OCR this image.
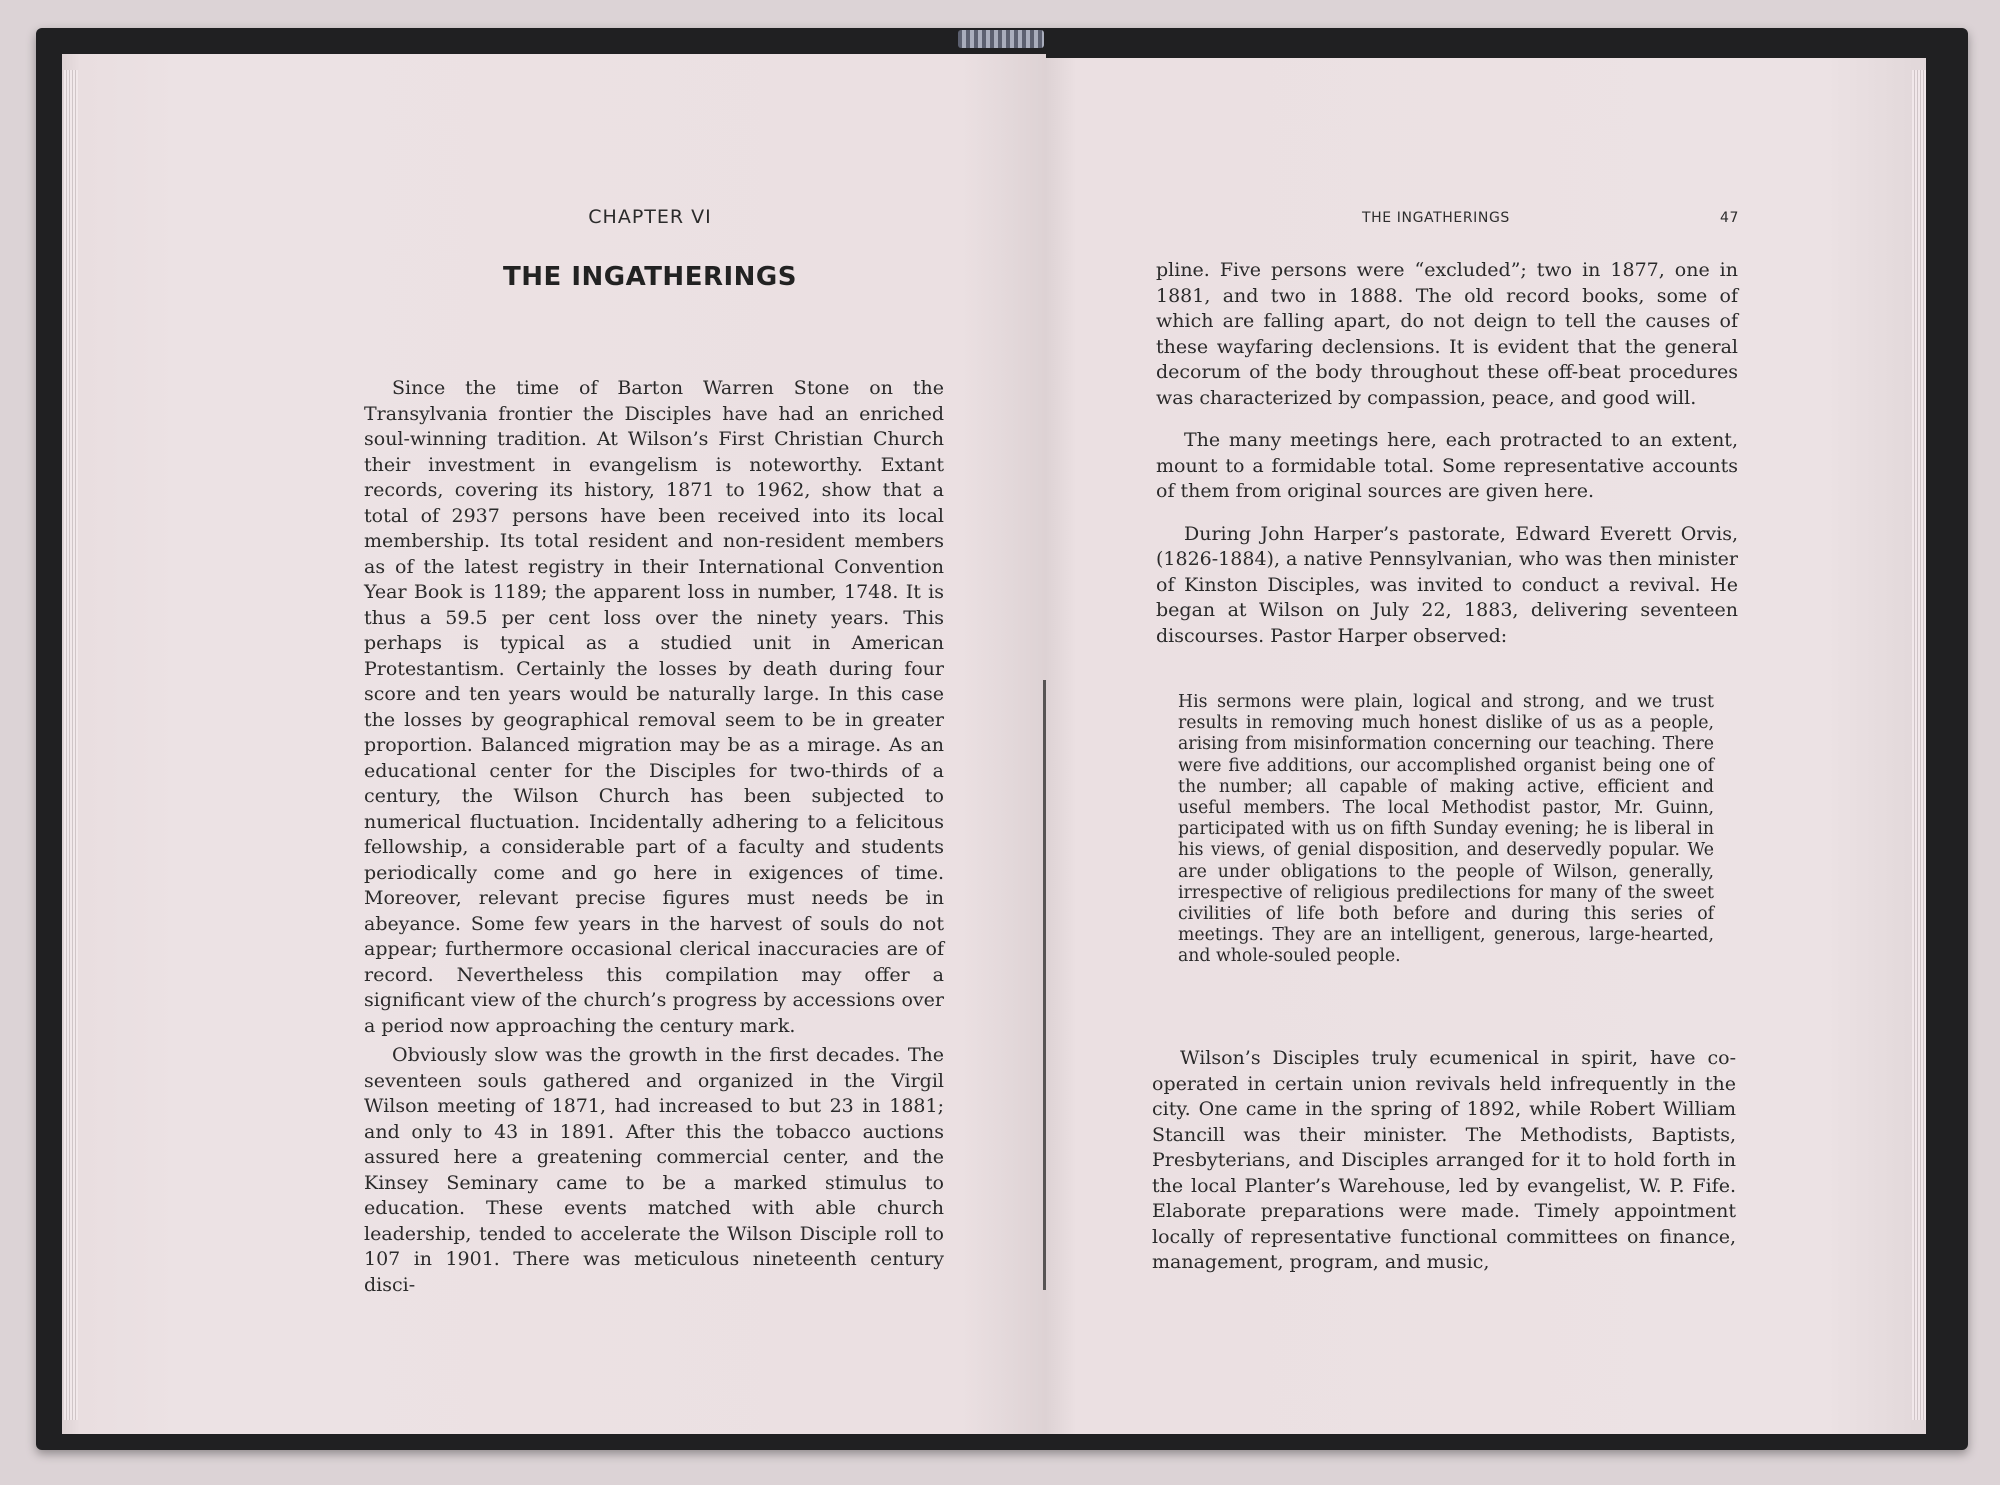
CHAPTER VI
THE INGATHERINGS

Since the time of Barton Warren Stone on the Transylvania frontier the Disciples have had an enriched soul-winning tradition. At Wilson’s First Christian Church their investment in evangelism is noteworthy. Extant records, covering its history, 1871 to 1962, show that a total of 2937 persons have been received into its local membership. Its total resident and non-resident members as of the latest registry in their International Convention Year Book is 1189; the apparent loss in number, 1748. It is thus a 59.5 per cent loss over the ninety years. This perhaps is typical as a studied unit in American Protestantism. Certainly the losses by death during four score and ten years would be naturally large. In this case the losses by geographical removal seem to be in greater proportion. Balanced migration may be as a mirage. As an educational center for the Disciples for two-thirds of a century, the Wilson Church has been subjected to numerical fluctuation. Incidentally adhering to a felicitous fellowship, a considerable part of a faculty and students periodically come and go here in exigences of time. Moreover, relevant precise figures must needs be in abeyance. Some few years in the harvest of souls do not appear; furthermore occasional clerical inaccuracies are of record. Nevertheless this compilation may offer a significant view of the church’s progress by accessions over a period now approaching the century mark.

Obviously slow was the growth in the first decades. The seventeen souls gathered and organized in the Virgil Wilson meeting of 1871, had increased to but 23 in 1881; and only to 43 in 1891. After this the tobacco auctions assured here a greatening commercial center, and the Kinsey Seminary came to be a marked stimulus to education. These events matched with able church leadership, tended to accelerate the Wilson Disciple roll to 107 in 1901. There was meticulous nineteenth century disci-

THE INGATHERINGS	47

pline. Five persons were “excluded”; two in 1877, one in 1881, and two in 1888. The old record books, some of which are falling apart, do not deign to tell the causes of these wayfaring declensions. It is evident that the general decorum of the body throughout these off-beat procedures was characterized by compassion, peace, and good will.

The many meetings here, each protracted to an extent, mount to a formidable total. Some representative accounts of them from original sources are given here.

During John Harper’s pastorate, Edward Everett Orvis, (1826-1884), a native Pennsylvanian, who was then minister of Kinston Disciples, was invited to conduct a revival. He began at Wilson on July 22, 1883, delivering seventeen discourses. Pastor Harper observed:

His sermons were plain, logical and strong, and we trust results in removing much honest dislike of us as a people, arising from misinformation concerning our teaching. There were five additions, our accomplished organist being one of the number; all capable of making active, efficient and useful members. The local Methodist pastor, Mr. Guinn, participated with us on fifth Sunday evening; he is liberal in his views, of genial disposition, and deservedly popular. We are under obligations to the people of Wilson, generally, irrespective of religious predilections for many of the sweet civilities of life both before and during this series of meetings. They are an intelligent, generous, large-hearted, and whole-souled people.

Wilson’s Disciples truly ecumenical in spirit, have co-operated in certain union revivals held infrequently in the city. One came in the spring of 1892, while Robert William Stancill was their minister. The Methodists, Baptists, Presbyterians, and Disciples arranged for it to hold forth in the local Planter’s Warehouse, led by evangelist, W. P. Fife. Elaborate preparations were made. Timely appointment locally of representative functional committees on finance, management, program, and music,
